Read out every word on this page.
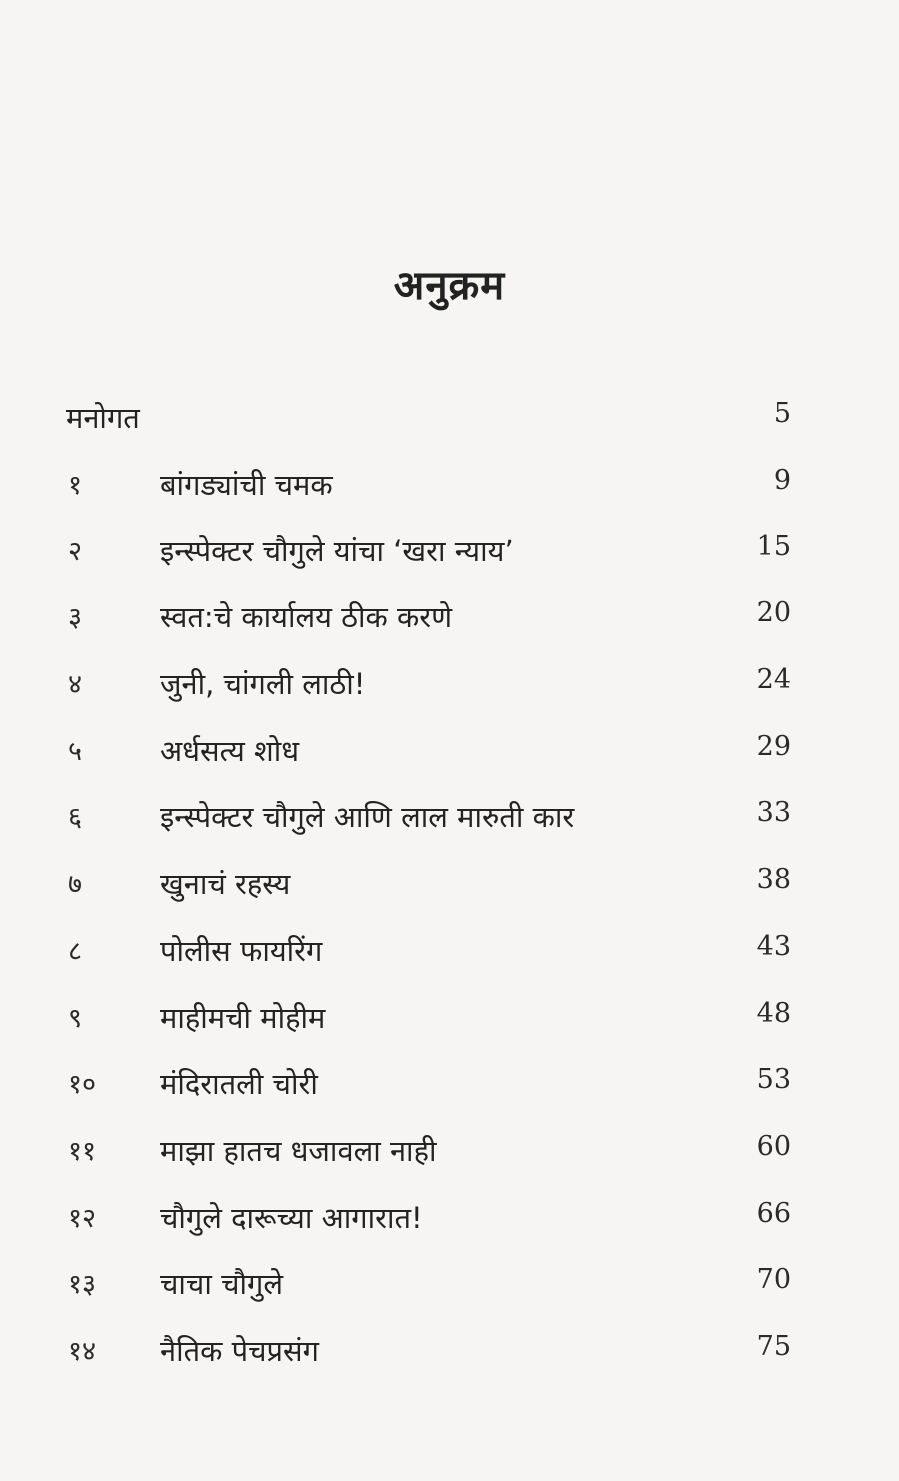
अनुक्रम
मनोगत	5
१	बांगड्यांची चमक	9
२	इन्स्पेक्टर चौगुले यांचा ‘खरा न्याय’	15
३	स्वत:चे कार्यालय ठीक करणे	20
४	जुनी, चांगली लाठी!	24
५	अर्धसत्य शोध	29
६	इन्स्पेक्टर चौगुले आणि लाल मारुती कार	33
७	खुनाचं रहस्य	38
८	पोलीस फायरिंग	43
९	माहीमची मोहीम	48
१० मंदिरातली चोरी	53
११ माझा हातच धजावला नाही	60
१२ चौगुले दारूच्या आगारात!	66
१३ चाचा चौगुले	70
१४ नैतिक पेचप्रसंग	75
